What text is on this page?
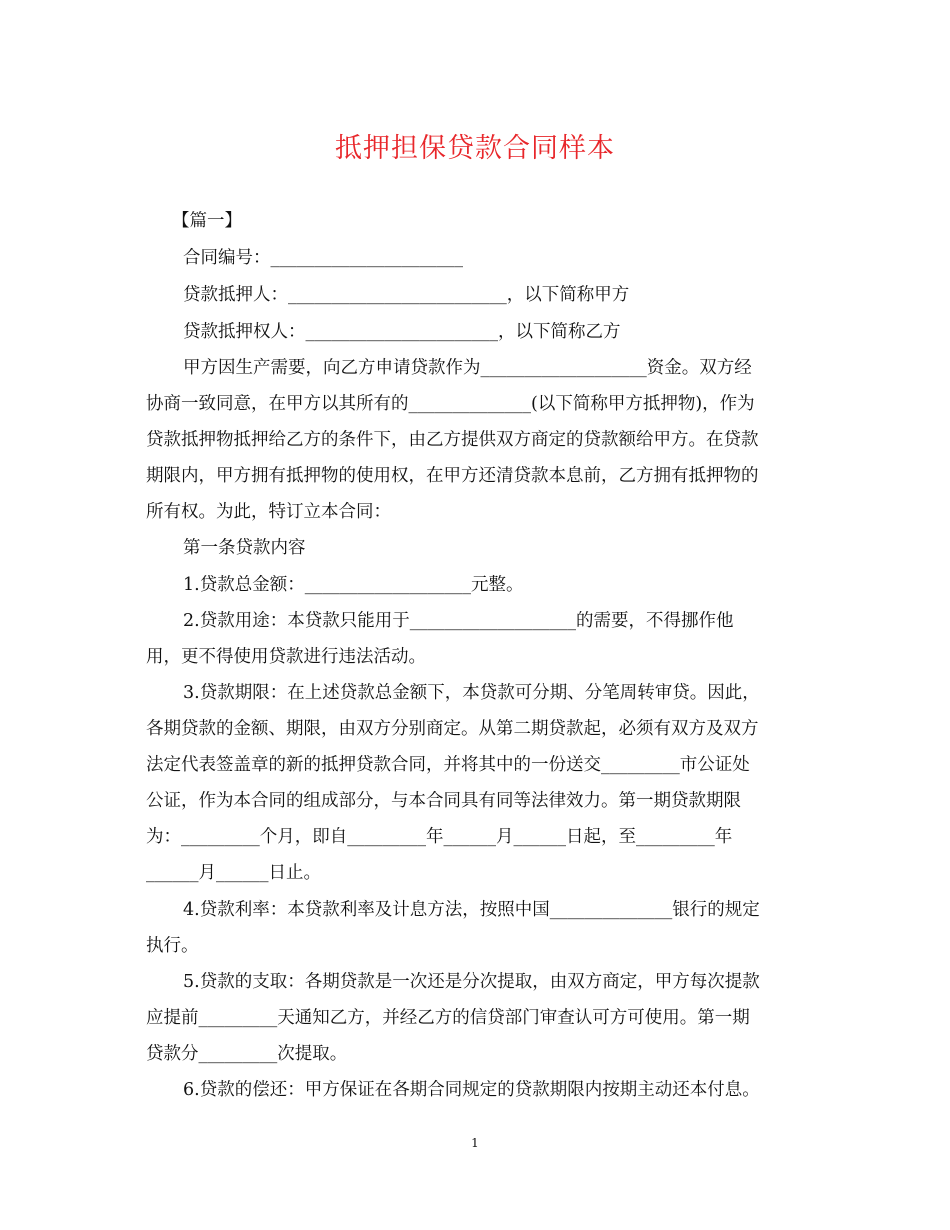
抵押担保贷款合同样本
【篇一】
合同编号：______________________
贷款抵押人：_________________________，以下简称甲方
贷款抵押权人：______________________，以下简称乙方
甲方因生产需要，向乙方申请贷款作为___________________资金。双方经
协商一致同意，在甲方以其所有的______________(以下简称甲方抵押物)，作为
贷款抵押物抵押给乙方的条件下，由乙方提供双方商定的贷款额给甲方。在贷款
期限内，甲方拥有抵押物的使用权，在甲方还清贷款本息前，乙方拥有抵押物的
所有权。为此，特订立本合同：
第一条贷款内容
1.贷款总金额：___________________元整。
2.贷款用途：本贷款只能用于___________________的需要，不得挪作他
用，更不得使用贷款进行违法活动。
3.贷款期限：在上述贷款总金额下，本贷款可分期、分笔周转审贷。因此，
各期贷款的金额、期限，由双方分别商定。从第二期贷款起，必须有双方及双方
法定代表签盖章的新的抵押贷款合同，并将其中的一份送交_________市公证处
公证，作为本合同的组成部分，与本合同具有同等法律效力。第一期贷款期限
为：_________个月，即自_________年______月______日起，至_________年
______月______日止。
4.贷款利率：本贷款利率及计息方法，按照中国______________银行的规定
执行。
5.贷款的支取：各期贷款是一次还是分次提取，由双方商定，甲方每次提款
应提前_________天通知乙方，并经乙方的信贷部门审查认可方可使用。第一期
贷款分_________次提取。
6.贷款的偿还：甲方保证在各期合同规定的贷款期限内按期主动还本付息。
1
